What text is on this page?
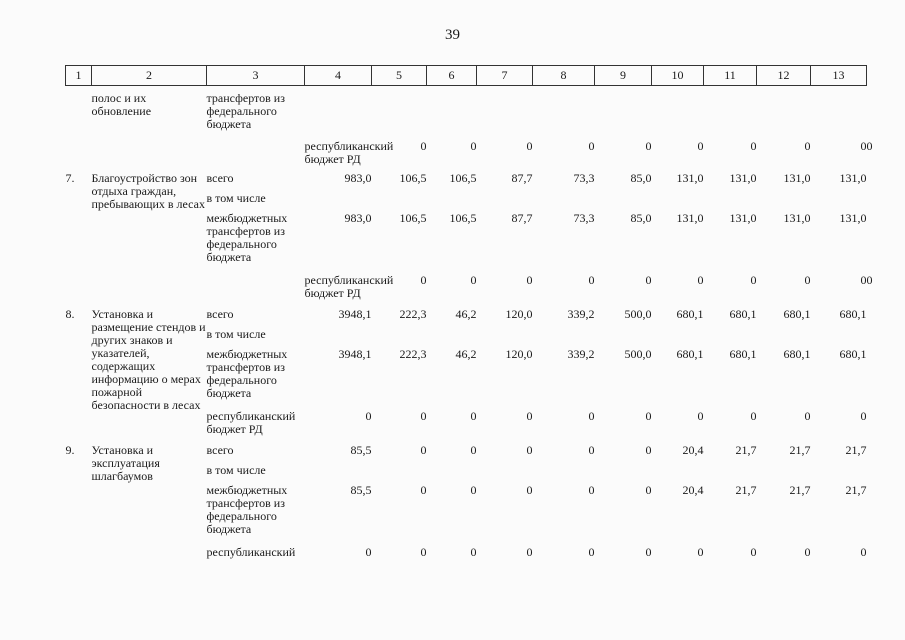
39
1	2	3	4	5	6	7	8	9	10	11	12	13	

	полос и их обновление	трансфертов из федерального бюджета											
			республиканский бюджет РД	0	0	0	0	0	0	0	0	0	0
7.	Благоустройство зон отдыха граждан, пребывающих в лесах	всего	983,0	106,5	106,5	87,7	73,3	85,0	131,0	131,0	131,0	131,0	
		в том числе											
		межбюджетных трансфертов из федерального бюджета	983,0	106,5	106,5	87,7	73,3	85,0	131,0	131,0	131,0	131,0	
			республиканский бюджет РД	0	0	0	0	0	0	0	0	0	0
8.	Установка и размещение стендов и других знаков и указателей, содержащих информацию о мерах пожарной безопасности в лесах	всего	3948,1	222,3	46,2	120,0	339,2	500,0	680,1	680,1	680,1	680,1	
		в том числе											
		межбюджетных трансфертов из федерального бюджета	3948,1	222,3	46,2	120,0	339,2	500,0	680,1	680,1	680,1	680,1	
		республиканский бюджет РД	0	0	0	0	0	0	0	0	0	0	
9.	Установка и эксплуатация шлагбаумов	всего	85,5	0	0	0	0	0	20,4	21,7	21,7	21,7	
		в том числе											
		межбюджетных трансфертов из федерального бюджета	85,5	0	0	0	0	0	20,4	21,7	21,7	21,7	
		республиканский	0	0	0	0	0	0	0	0	0	0	
